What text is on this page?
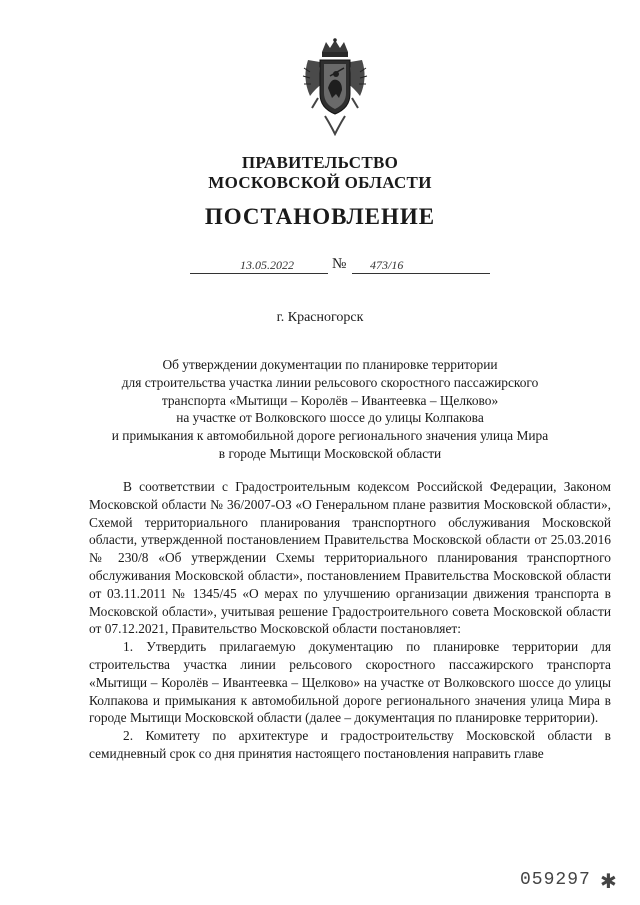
ПРАВИТЕЛЬСТВО
МОСКОВСКОЙ ОБЛАСТИ
ПОСТАНОВЛЕНИЕ
13.05.2022	№ 473/16
г. Красногорск
Об утверждении документации по планировке территории
для строительства участка линии рельсового скоростного пассажирского
транспорта «Мытищи – Королёв – Ивантеевка – Щелково»
на участке от Волковского шоссе до улицы Колпакова
и примыкания к автомобильной дороге регионального значения улица Мира
в городе Мытищи Московской области

В соответствии с Градостроительным кодексом Российской Федерации, Законом Московской области № 36/2007-ОЗ «О Генеральном плане развития Московской области», Схемой территориального планирования транспортного обслуживания Московской области, утвержденной постановлением Правительства Московской области от 25.03.2016 № 230/8 «Об утверждении Схемы территориального планирования транспортного обслуживания Московской области», постановлением Правительства Московской области от 03.11.2011 № 1345/45 «О мерах по улучшению организации движения транспорта в Московской области», учитывая решение Градостроительного совета Московской области от 07.12.2021, Правительство Московской области постановляет:

1. Утвердить прилагаемую документацию по планировке территории для строительства участка линии рельсового скоростного пассажирского транспорта «Мытищи – Королёв – Ивантеевка – Щелково» на участке от Волковского шоссе до улицы Колпакова и примыкания к автомобильной дороге регионального значения улица Мира в городе Мытищи Московской области (далее – документация по планировке территории).

2. Комитету по архитектуре и градостроительству Московской области в семидневный срок со дня принятия настоящего постановления направить главе

059297 ✱
